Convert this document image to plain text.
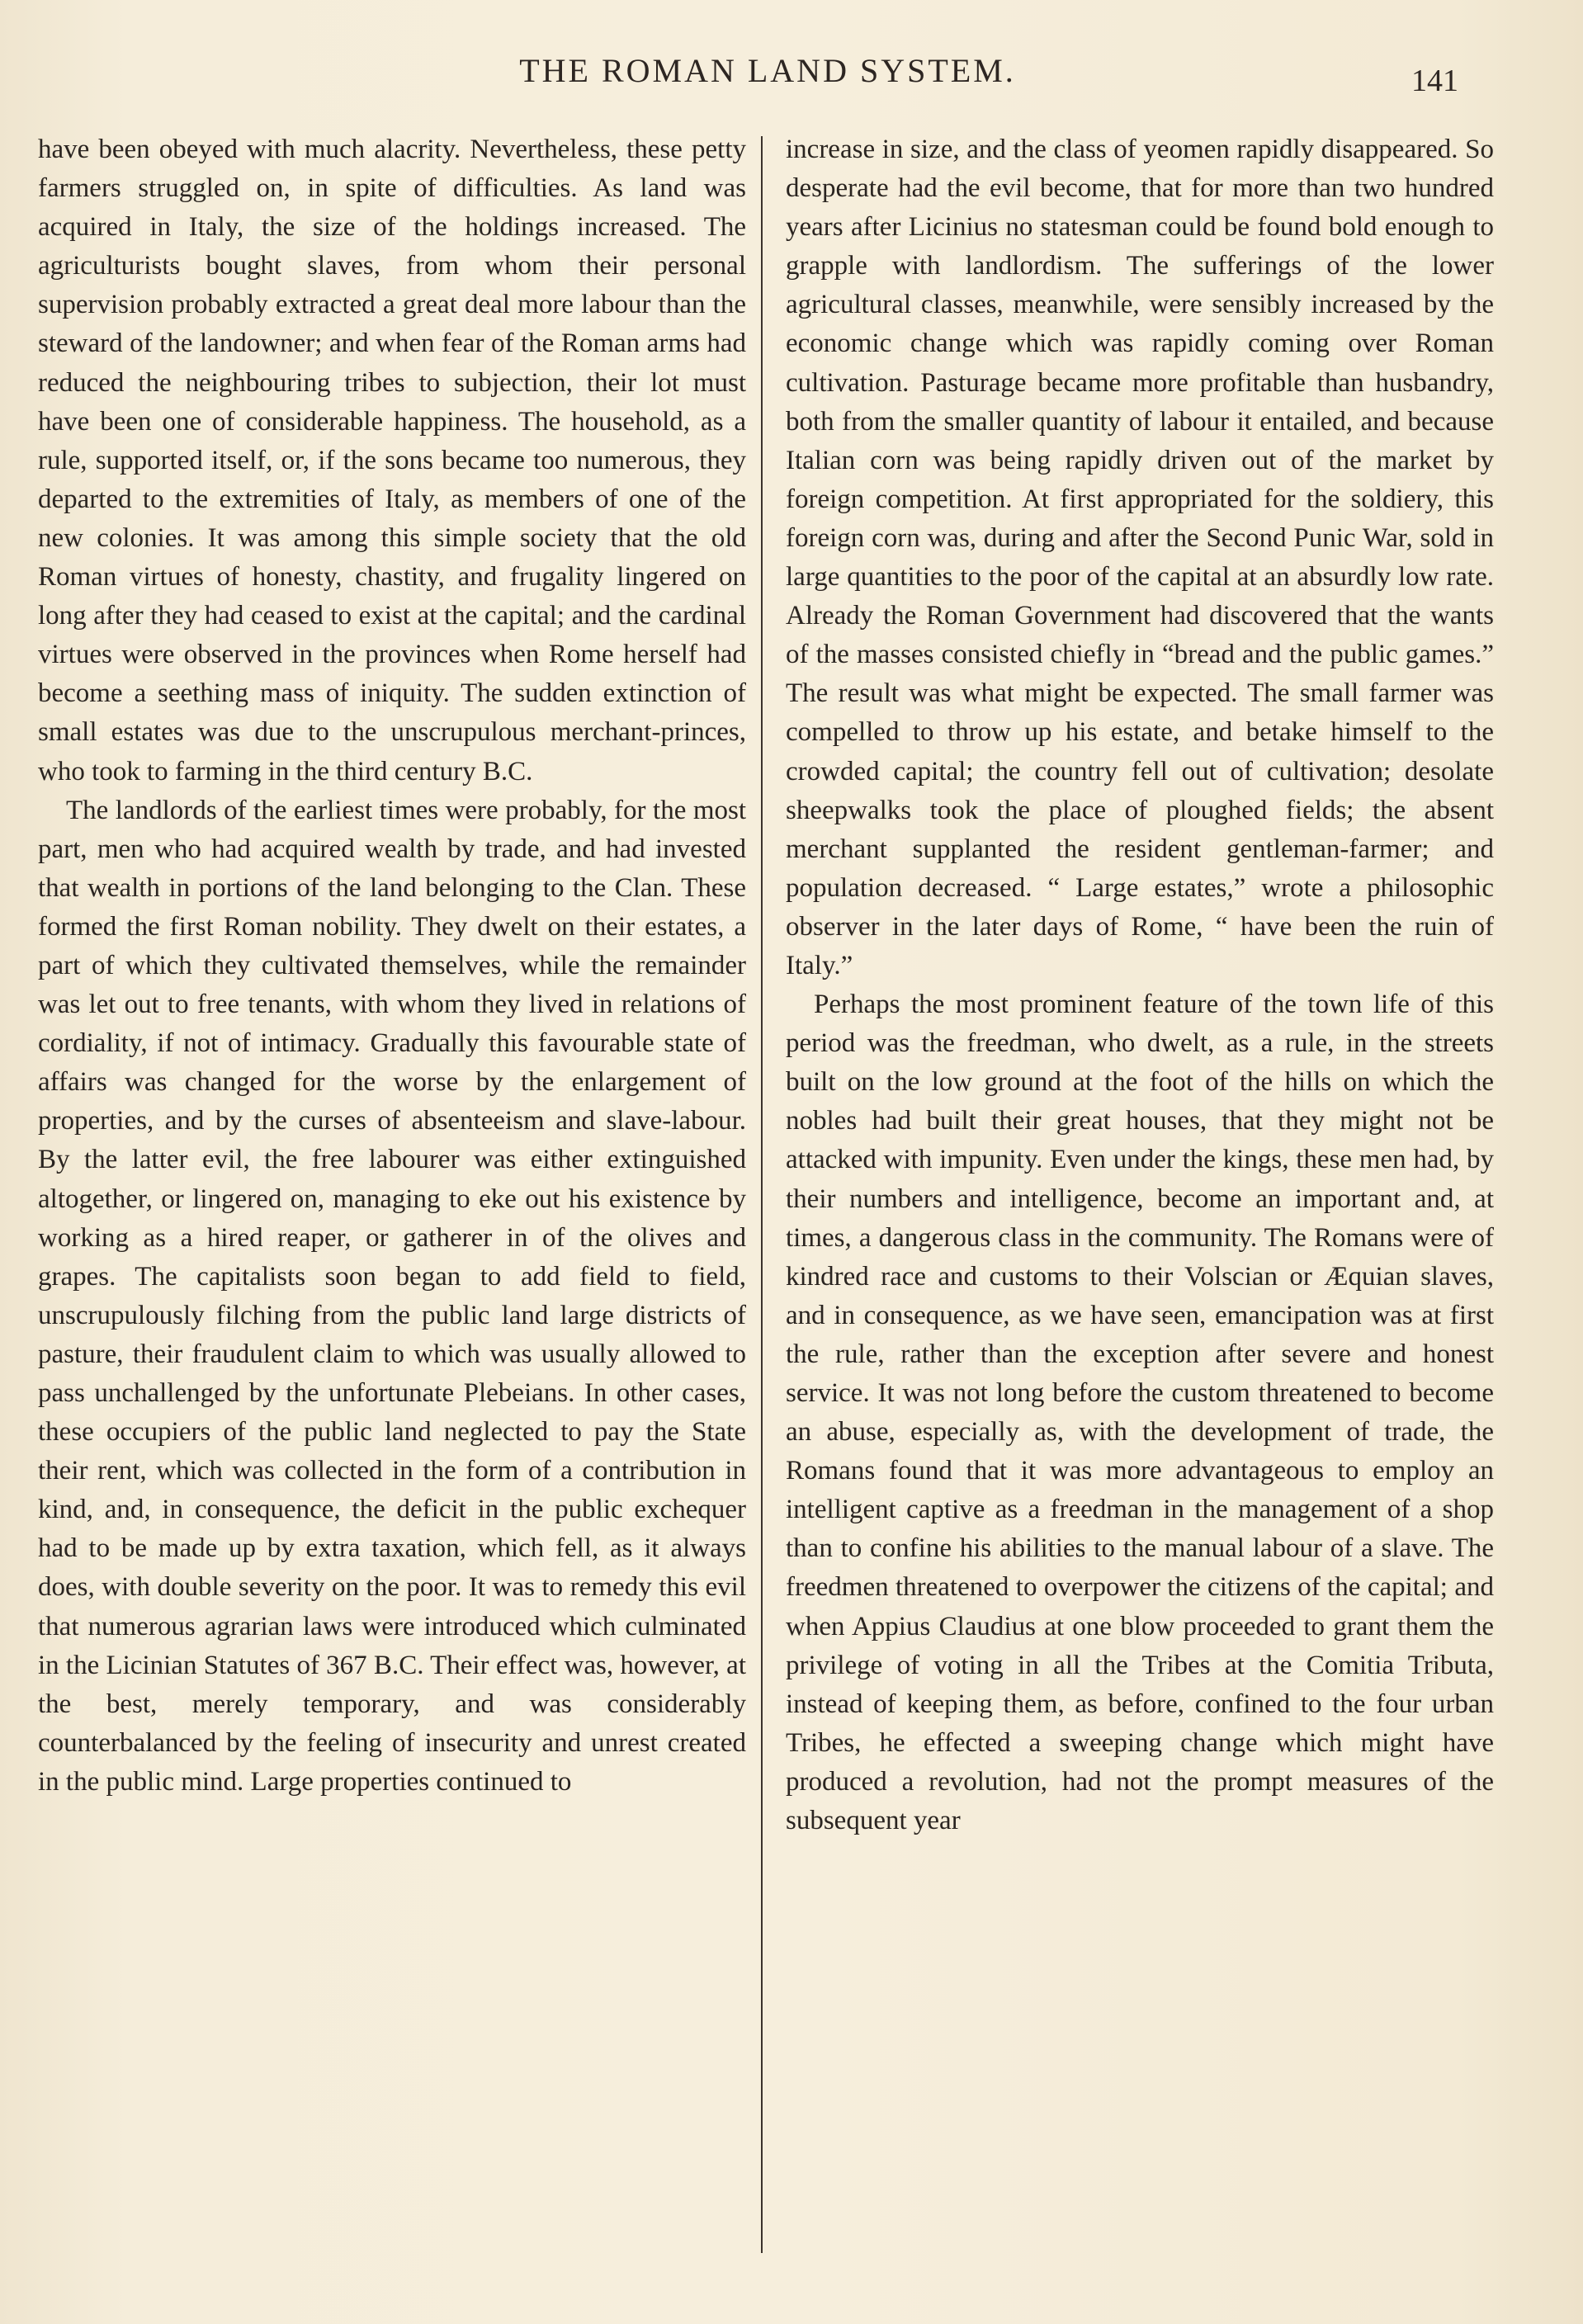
THE ROMAN LAND SYSTEM.	141

have been obeyed with much alacrity. Nevertheless, these petty farmers struggled on, in spite of difficulties. As land was acquired in Italy, the size of the holdings increased. The agriculturists bought slaves, from whom their personal supervision probably extracted a great deal more labour than the steward of the landowner; and when fear of the Roman arms had reduced the neighbouring tribes to subjection, their lot must have been one of considerable happiness. The household, as a rule, supported itself, or, if the sons became too numerous, they departed to the extremities of Italy, as members of one of the new colonies. It was among this simple society that the old Roman virtues of honesty, chastity, and frugality lingered on long after they had ceased to exist at the capital; and the cardinal virtues were observed in the provinces when Rome herself had become a seething mass of iniquity. The sudden extinction of small estates was due to the unscrupulous merchant-princes, who took to farming in the third century B.C.

The landlords of the earliest times were probably, for the most part, men who had acquired wealth by trade, and had invested that wealth in portions of the land belonging to the Clan. These formed the first Roman nobility. They dwelt on their estates, a part of which they cultivated themselves, while the remainder was let out to free tenants, with whom they lived in relations of cordiality, if not of intimacy. Gradually this favourable state of affairs was changed for the worse by the enlargement of properties, and by the curses of absenteeism and slave-labour. By the latter evil, the free labourer was either extinguished altogether, or lingered on, managing to eke out his existence by working as a hired reaper, or gatherer in of the olives and grapes. The capitalists soon began to add field to field, unscrupulously filching from the public land large districts of pasture, their fraudulent claim to which was usually allowed to pass unchallenged by the unfortunate Plebeians. In other cases, these occupiers of the public land neglected to pay the State their rent, which was collected in the form of a contribution in kind, and, in consequence, the deficit in the public exchequer had to be made up by extra taxation, which fell, as it always does, with double severity on the poor. It was to remedy this evil that numerous agrarian laws were introduced which culminated in the Licinian Statutes of 367 B.C. Their effect was, however, at the best, merely temporary, and was considerably counterbalanced by the feeling of insecurity and unrest created in the public mind. Large properties continued to

increase in size, and the class of yeomen rapidly disappeared. So desperate had the evil become, that for more than two hundred years after Licinius no statesman could be found bold enough to grapple with landlordism. The sufferings of the lower agricultural classes, meanwhile, were sensibly increased by the economic change which was rapidly coming over Roman cultivation. Pasturage became more profitable than husbandry, both from the smaller quantity of labour it entailed, and because Italian corn was being rapidly driven out of the market by foreign competition. At first appropriated for the soldiery, this foreign corn was, during and after the Second Punic War, sold in large quantities to the poor of the capital at an absurdly low rate. Already the Roman Government had discovered that the wants of the masses consisted chiefly in “bread and the public games.” The result was what might be expected. The small farmer was compelled to throw up his estate, and betake himself to the crowded capital; the country fell out of cultivation; desolate sheepwalks took the place of ploughed fields; the absent merchant supplanted the resident gentleman-farmer; and population decreased. “ Large estates,” wrote a philosophic observer in the later days of Rome, “ have been the ruin of Italy.”

Perhaps the most prominent feature of the town life of this period was the freedman, who dwelt, as a rule, in the streets built on the low ground at the foot of the hills on which the nobles had built their great houses, that they might not be attacked with impunity. Even under the kings, these men had, by their numbers and intelligence, become an important and, at times, a dangerous class in the community. The Romans were of kindred race and customs to their Volscian or Æquian slaves, and in consequence, as we have seen, emancipation was at first the rule, rather than the exception after severe and honest service. It was not long before the custom threatened to become an abuse, especially as, with the development of trade, the Romans found that it was more advantageous to employ an intelligent captive as a freedman in the management of a shop than to confine his abilities to the manual labour of a slave. The freedmen threatened to overpower the citizens of the capital; and when Appius Claudius at one blow proceeded to grant them the privilege of voting in all the Tribes at the Comitia Tributa, instead of keeping them, as before, confined to the four urban Tribes, he effected a sweeping change which might have produced a revolution, had not the prompt measures of the subsequent year
